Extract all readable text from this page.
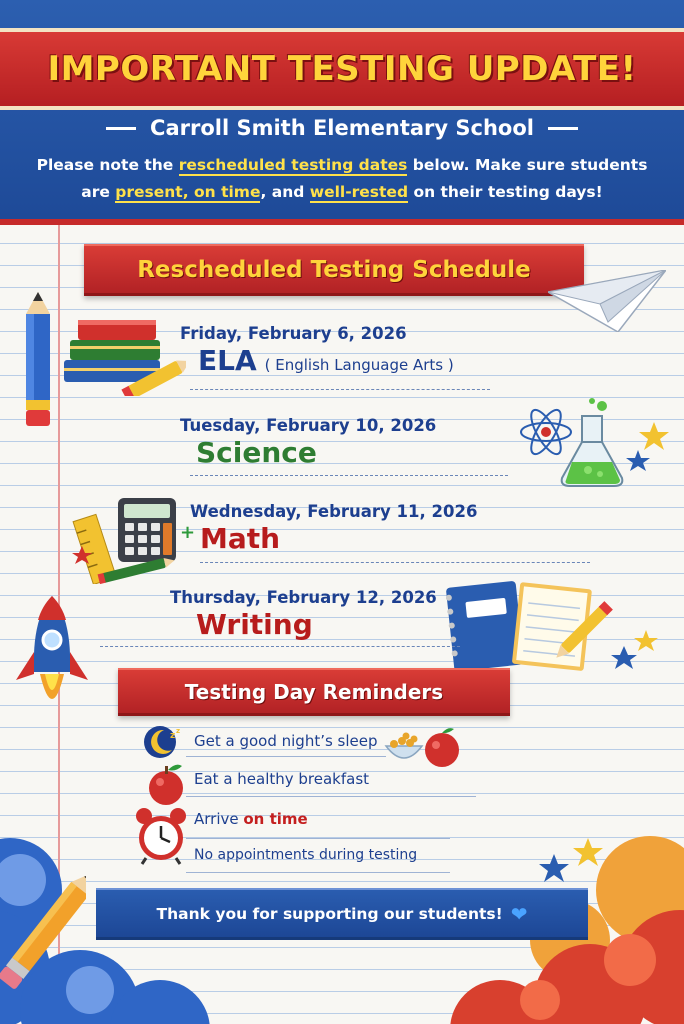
IMPORTANT TESTING UPDATE!
Carroll Smith Elementary School
Please note the rescheduled testing dates below. Make sure students are present, on time, and well-rested on their testing days!
Rescheduled Testing Schedule
+
Friday, February 6, 2026
ELA ( English Language Arts )
Tuesday, February 10, 2026
Science
Wednesday, February 11, 2026
Math
Thursday, February 12, 2026
Writing
Testing Day Reminders
z z
Get a good night’s sleep
Eat a healthy breakfast
Arrive on time
No appointments during testing
Thank you for supporting our students! ❤
